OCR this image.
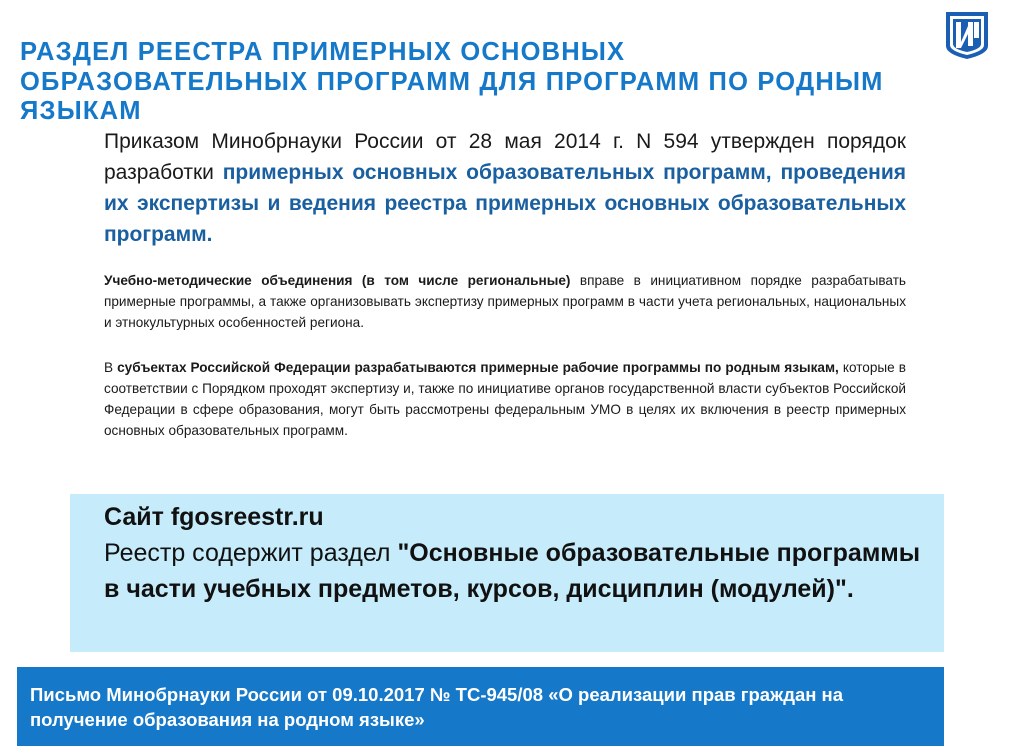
РАЗДЕЛ РЕЕСТРА ПРИМЕРНЫХ ОСНОВНЫХ ОБРАЗОВАТЕЛЬНЫХ ПРОГРАММ ДЛЯ ПРОГРАММ ПО РОДНЫМ ЯЗЫКАМ
Приказом Минобрнауки России от 28 мая 2014 г. N 594 утвержден порядок разработки примерных основных образовательных программ, проведения их экспертизы и ведения реестра примерных основных образовательных программ.
Учебно-методические объединения (в том числе региональные) вправе в инициативном порядке разрабатывать примерные программы, а также организовывать экспертизу примерных программ в части учета региональных, национальных и этнокультурных особенностей региона.
В субъектах Российской Федерации разрабатываются примерные рабочие программы по родным языкам, которые в соответствии с Порядком проходят экспертизу и, также по инициативе органов государственной власти субъектов Российской Федерации в сфере образования, могут быть рассмотрены федеральным УМО в целях их включения в реестр примерных основных образовательных программ.
Сайт fgosreestr.ru
Реестр содержит раздел "Основные образовательные программы в части учебных предметов, курсов, дисциплин (модулей)".
Письмо Минобрнауки России от 09.10.2017 № ТС-945/08 «О реализации прав граждан на получение образования на родном языке»
